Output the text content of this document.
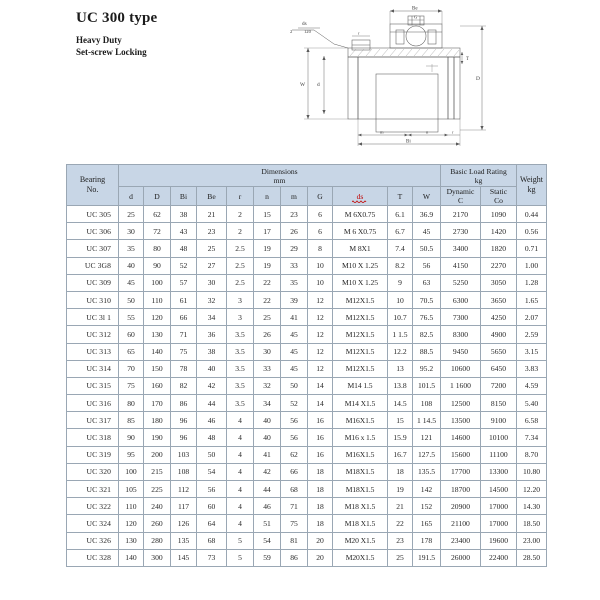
UC 300 type
Heavy Duty
Set-screw Locking
ds
2	120
Be
G
r
D
W d
T
m	n	r
Bi
Bearing
No.

Dimensions
mm

Basic Load Rating
kg	Weight
kg

d	D	Bi	Be	r	n	m	G	ds	T	W	Dynamic
C

Static
Co

UC 305	25	62	38	21	2	15	23	6	M 6X0.75	6.1	36.9	2170	1090	0.44
UC 306	30	72	43	23	2	17	26	6	M 6 X0.75	6.7	45	2730	1420	0.56
UC 307	35	80	48	25	2.5	19	29	8	M 8X1	7.4	50.5	3400	1820	0.71
UC 3G8	40	90	52	27	2.5	19	33	10	M10 X 1.25	8.2	56	4150	2270	1.00
UC 309	45	100	57	30	2.5	22	35	10	M10 X 1.25	9	63	5250	3050	1.28
UC 310	50	110	61	32	3	22	39	12	M12X1.5	10	70.5	6300	3650	1.65
UC 3l 1	55	120	66	34	3	25	41	12	M12X1.5	10.7	76.5	7300	4250	2.07
UC 312	60	130	71	36	3.5	26	45	12	M12X1.5	1 1.5	82.5	8300	4900	2.59
UC 313	65	140	75	38	3.5	30	45	12	M12X1.5	12.2	88.5	9450	5650	3.15
UC 314	70	150	78	40	3.5	33	45	12	M12X1.5	13	95.2	10600	6450	3.83
UC 315	75	160	82	42	3.5	32	50	14	M14 1.5	13.8	101.5	1 1600	7200	4.59
UC 316	80	170	86	44	3.5	34	52	14	M14 X1.5	14.5	108	12500	8150	5.40
UC 317	85	180	96	46	4	40	56	16	M16X1.5	15	1 14.5	13500	9100	6.58
UC 318	90	190	96	48	4	40	56	16	M16 x 1.5	15.9	121	14600	10100	7.34
UC 319	95	200	103	50	4	41	62	16	M16X1.5	16.7	127.5	15600	11100	8.70
UC 320	100	215	108	54	4	42	66	18	M18X1.5	18	135.5	17700	13300	10.80
UC 321	105	225	112	56	4	44	68	18	M18X1.5	19	142	18700	14500	12.20
UC 322	110	240	117	60	4	46	71	18	M18 X1.5	21	152	20900	17000	14.30
UC 324	120	260	126	64	4	51	75	18	M18 X1.5	22	165	21100	17000	18.50
UC 326	130	280	135	68	5	54	81	20	M20 X1.5	23	178	23400	19600	23.00
UC 328	140	300	145	73	5	59	86	20	M20X1.5	25	191.5	26000	22400	28.50
